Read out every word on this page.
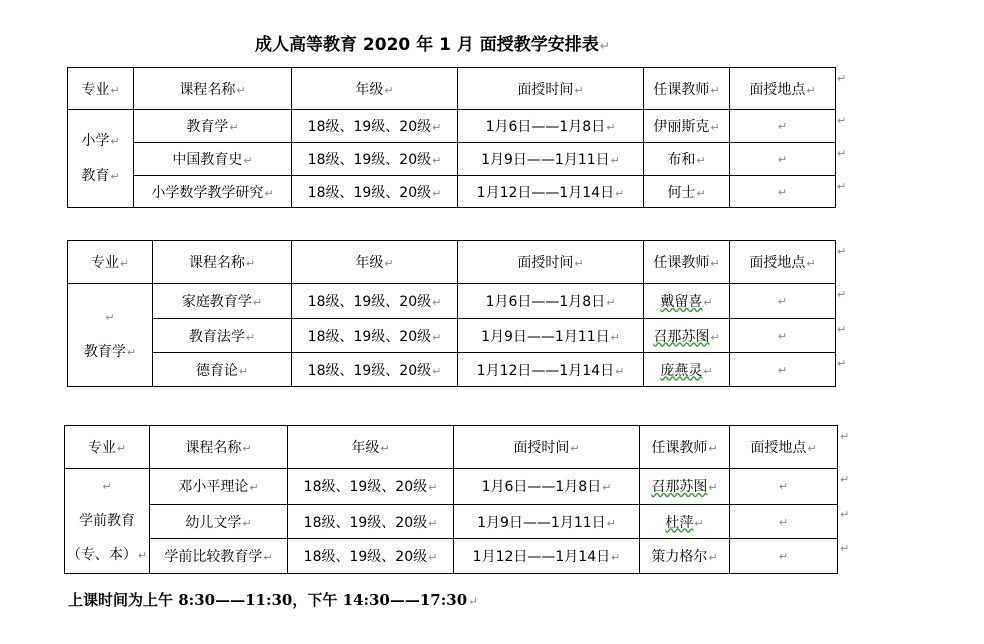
成人高等教育 2020 年 1 月 面授教学安排表↵
专业↵	课程名称↵	年级↵	面授时间↵	任课教师↵	面授地点↵

小学↵
教育↵	教育学↵	18级、19级、20级↵	1月6日——1月8日↵	伊丽斯克↵	↵
	中国教育史↵	18级、19级、20级↵	1月9日——1月11日↵	布和↵	↵
	小学数学教学研究↵	18级、19级、20级↵	1月12日——1月14日↵	何士↵	↵
↵
↵
↵
↵
专业↵	课程名称↵	年级↵	面授时间↵	任课教师↵	面授地点↵

↵
教育学↵	家庭教育学↵	18级、19级、20级↵	1月6日——1月8日↵	戴留喜↵	↵
	教育法学↵	18级、19级、20级↵	1月9日——1月11日↵	召那苏图↵	↵
	德育论↵	18级、19级、20级↵	1月12日——1月14日↵	庞燕灵↵	↵
↵
↵
↵
↵
专业↵	课程名称↵	年级↵	面授时间↵	任课教师↵	面授地点↵

↵
学前教育
（专、本）↵	邓小平理论↵	18级、19级、20级↵	1月6日——1月8日↵	召那苏图↵	↵
	幼儿文学↵	18级、19级、20级↵	1月9日——1月11日↵	杜萍↵	↵
	学前比较教育学↵	18级、19级、20级↵	1月12日——1月14日↵	策力格尔↵	↵
↵
↵
↵
↵
上课时间为上午 8:30——11:30，下午 14:30——17:30↵
